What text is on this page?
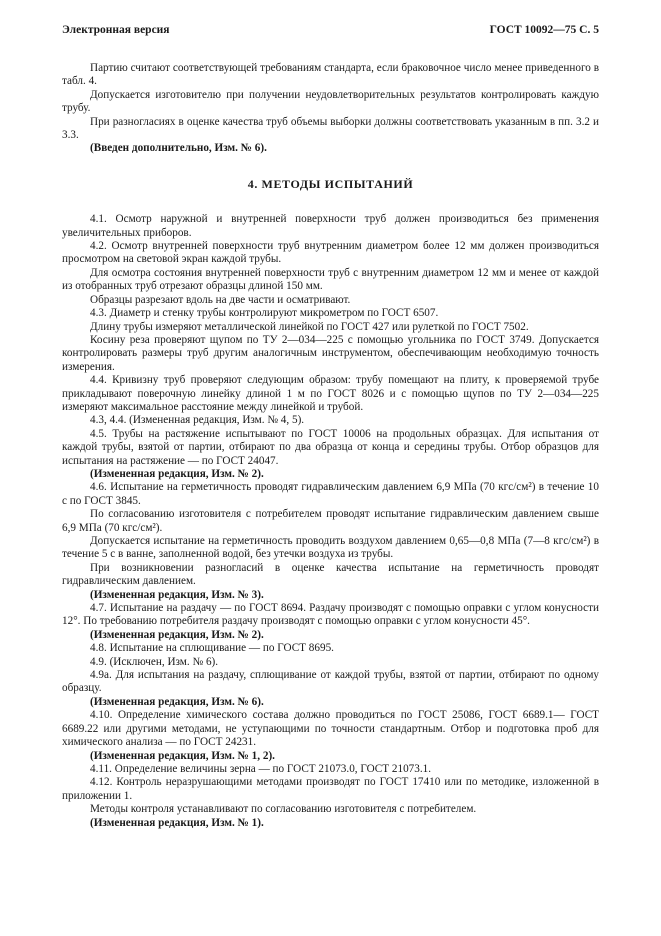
Электронная версия	ГОСТ 10092—75 С. 5

Партию считают соответствующей требованиям стандарта, если браковочное число менее приведенного в табл. 4.

Допускается изготовителю при получении неудовлетворительных результатов контролировать каждую трубу.

При разногласиях в оценке качества труб объемы выборки должны соответствовать указанным в пп. 3.2 и 3.3.

(Введен дополнительно, Изм. № 6).

4. МЕТОДЫ ИСПЫТАНИЙ

4.1. Осмотр наружной и внутренней поверхности труб должен производиться без применения увеличительных приборов.

4.2. Осмотр внутренней поверхности труб внутренним диаметром более 12 мм должен производиться просмотром на световой экран каждой трубы.

Для осмотра состояния внутренней поверхности труб с внутренним диаметром 12 мм и менее от каждой из отобранных труб отрезают образцы длиной 150 мм.

Образцы разрезают вдоль на две части и осматривают.

4.3. Диаметр и стенку трубы контролируют микрометром по ГОСТ 6507.

Длину трубы измеряют металлической линейкой по ГОСТ 427 или рулеткой по ГОСТ 7502.

Косину реза проверяют щупом по ТУ 2—034—225 с помощью угольника по ГОСТ 3749. Допускается контролировать размеры труб другим аналогичным инструментом, обеспечивающим необходимую точность измерения.

4.4. Кривизну труб проверяют следующим образом: трубу помещают на плиту, к проверяемой трубе прикладывают поверочную линейку длиной 1 м по ГОСТ 8026 и с помощью щупов по ТУ 2—034—225 измеряют максимальное расстояние между линейкой и трубой.

4.3, 4.4. (Измененная редакция, Изм. № 4, 5).

4.5. Трубы на растяжение испытывают по ГОСТ 10006 на продольных образцах. Для испытания от каждой трубы, взятой от партии, отбирают по два образца от конца и середины трубы. Отбор образцов для испытания на растяжение — по ГОСТ 24047.

(Измененная редакция, Изм. № 2).

4.6. Испытание на герметичность проводят гидравлическим давлением 6,9 МПа (70 кгс/см²) в течение 10 с по ГОСТ 3845.

По согласованию изготовителя с потребителем проводят испытание гидравлическим давлением свыше 6,9 МПа (70 кгс/см²).

Допускается испытание на герметичность проводить воздухом давлением 0,65—0,8 МПа (7—8 кгс/см²) в течение 5 с в ванне, заполненной водой, без утечки воздуха из трубы.

При возникновении разногласий в оценке качества испытание на герметичность проводят гидравлическим давлением.

(Измененная редакция, Изм. № 3).

4.7. Испытание на раздачу — по ГОСТ 8694. Раздачу производят с помощью оправки с углом конусности 12°. По требованию потребителя раздачу производят с помощью оправки с углом конусности 45°.

(Измененная редакция, Изм. № 2).

4.8. Испытание на сплющивание — по ГОСТ 8695.

4.9. (Исключен, Изм. № 6).

4.9а. Для испытания на раздачу, сплющивание от каждой трубы, взятой от партии, отбирают по одному образцу.

(Измененная редакция, Изм. № 6).

4.10. Определение химического состава должно проводиться по ГОСТ 25086, ГОСТ 6689.1— ГОСТ 6689.22 или другими методами, не уступающими по точности стандартным. Отбор и подготовка проб для химического анализа — по ГОСТ 24231.

(Измененная редакция, Изм. № 1, 2).

4.11. Определение величины зерна — по ГОСТ 21073.0, ГОСТ 21073.1.

4.12. Контроль неразрушающими методами производят по ГОСТ 17410 или по методике, изложенной в приложении 1.

Методы контроля устанавливают по согласованию изготовителя с потребителем.

(Измененная редакция, Изм. № 1).
